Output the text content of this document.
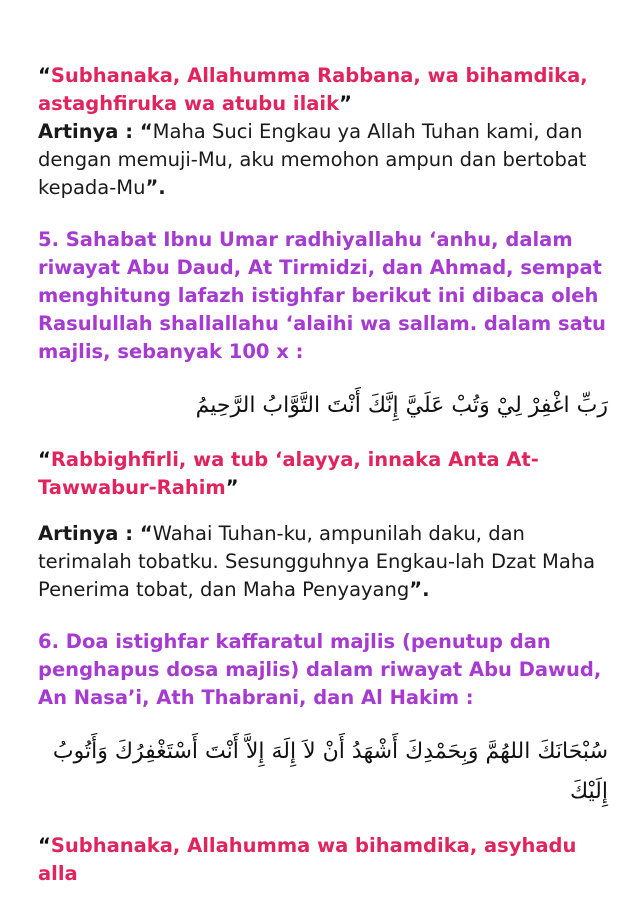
“Subhanaka, Allahumma Rabbana, wa bihamdika, astaghfiruka wa atubu ilaik”

Artinya : “Maha Suci Engkau ya Allah Tuhan kami, dan dengan memuji-Mu, aku memohon ampun dan bertobat kepada-Mu”.

5. Sahabat Ibnu Umar radhiyallahu ‘anhu, dalam riwayat Abu Daud, At Tirmidzi, dan Ahmad, sempat menghitung lafazh istighfar berikut ini dibaca oleh Rasulullah shallallahu ‘alaihi wa sallam. dalam satu majlis, sebanyak 100 x :

رَبِّ اغْفِرْ لِيْ وَتُبْ عَلَيَّ إِنَّكَ أَنْتَ التَّوَّابُ الرَّحِيمُ

“Rabbighfirli, wa tub ‘alayya, innaka Anta At-Tawwabur-Rahim”

Artinya : “Wahai Tuhan-ku, ampunilah daku, dan terimalah tobatku. Sesungguhnya Engkau-lah Dzat Maha Penerima tobat, dan Maha Penyayang”.

6. Doa istighfar kaffaratul majlis (penutup dan penghapus dosa majlis) dalam riwayat Abu Dawud, An Nasa’i, Ath Thabrani, dan Al Hakim :

سُبْحَانَكَ اللهُمَّ وَبِحَمْدِكَ أَشْهَدُ أَنْ لاَ إِلَهَ إِلاَّ أَنْتَ أَسْتَغْفِرُكَ وَأَتُوبُ إِلَيْكَ

“Subhanaka, Allahumma wa bihamdika, asyhadu alla
